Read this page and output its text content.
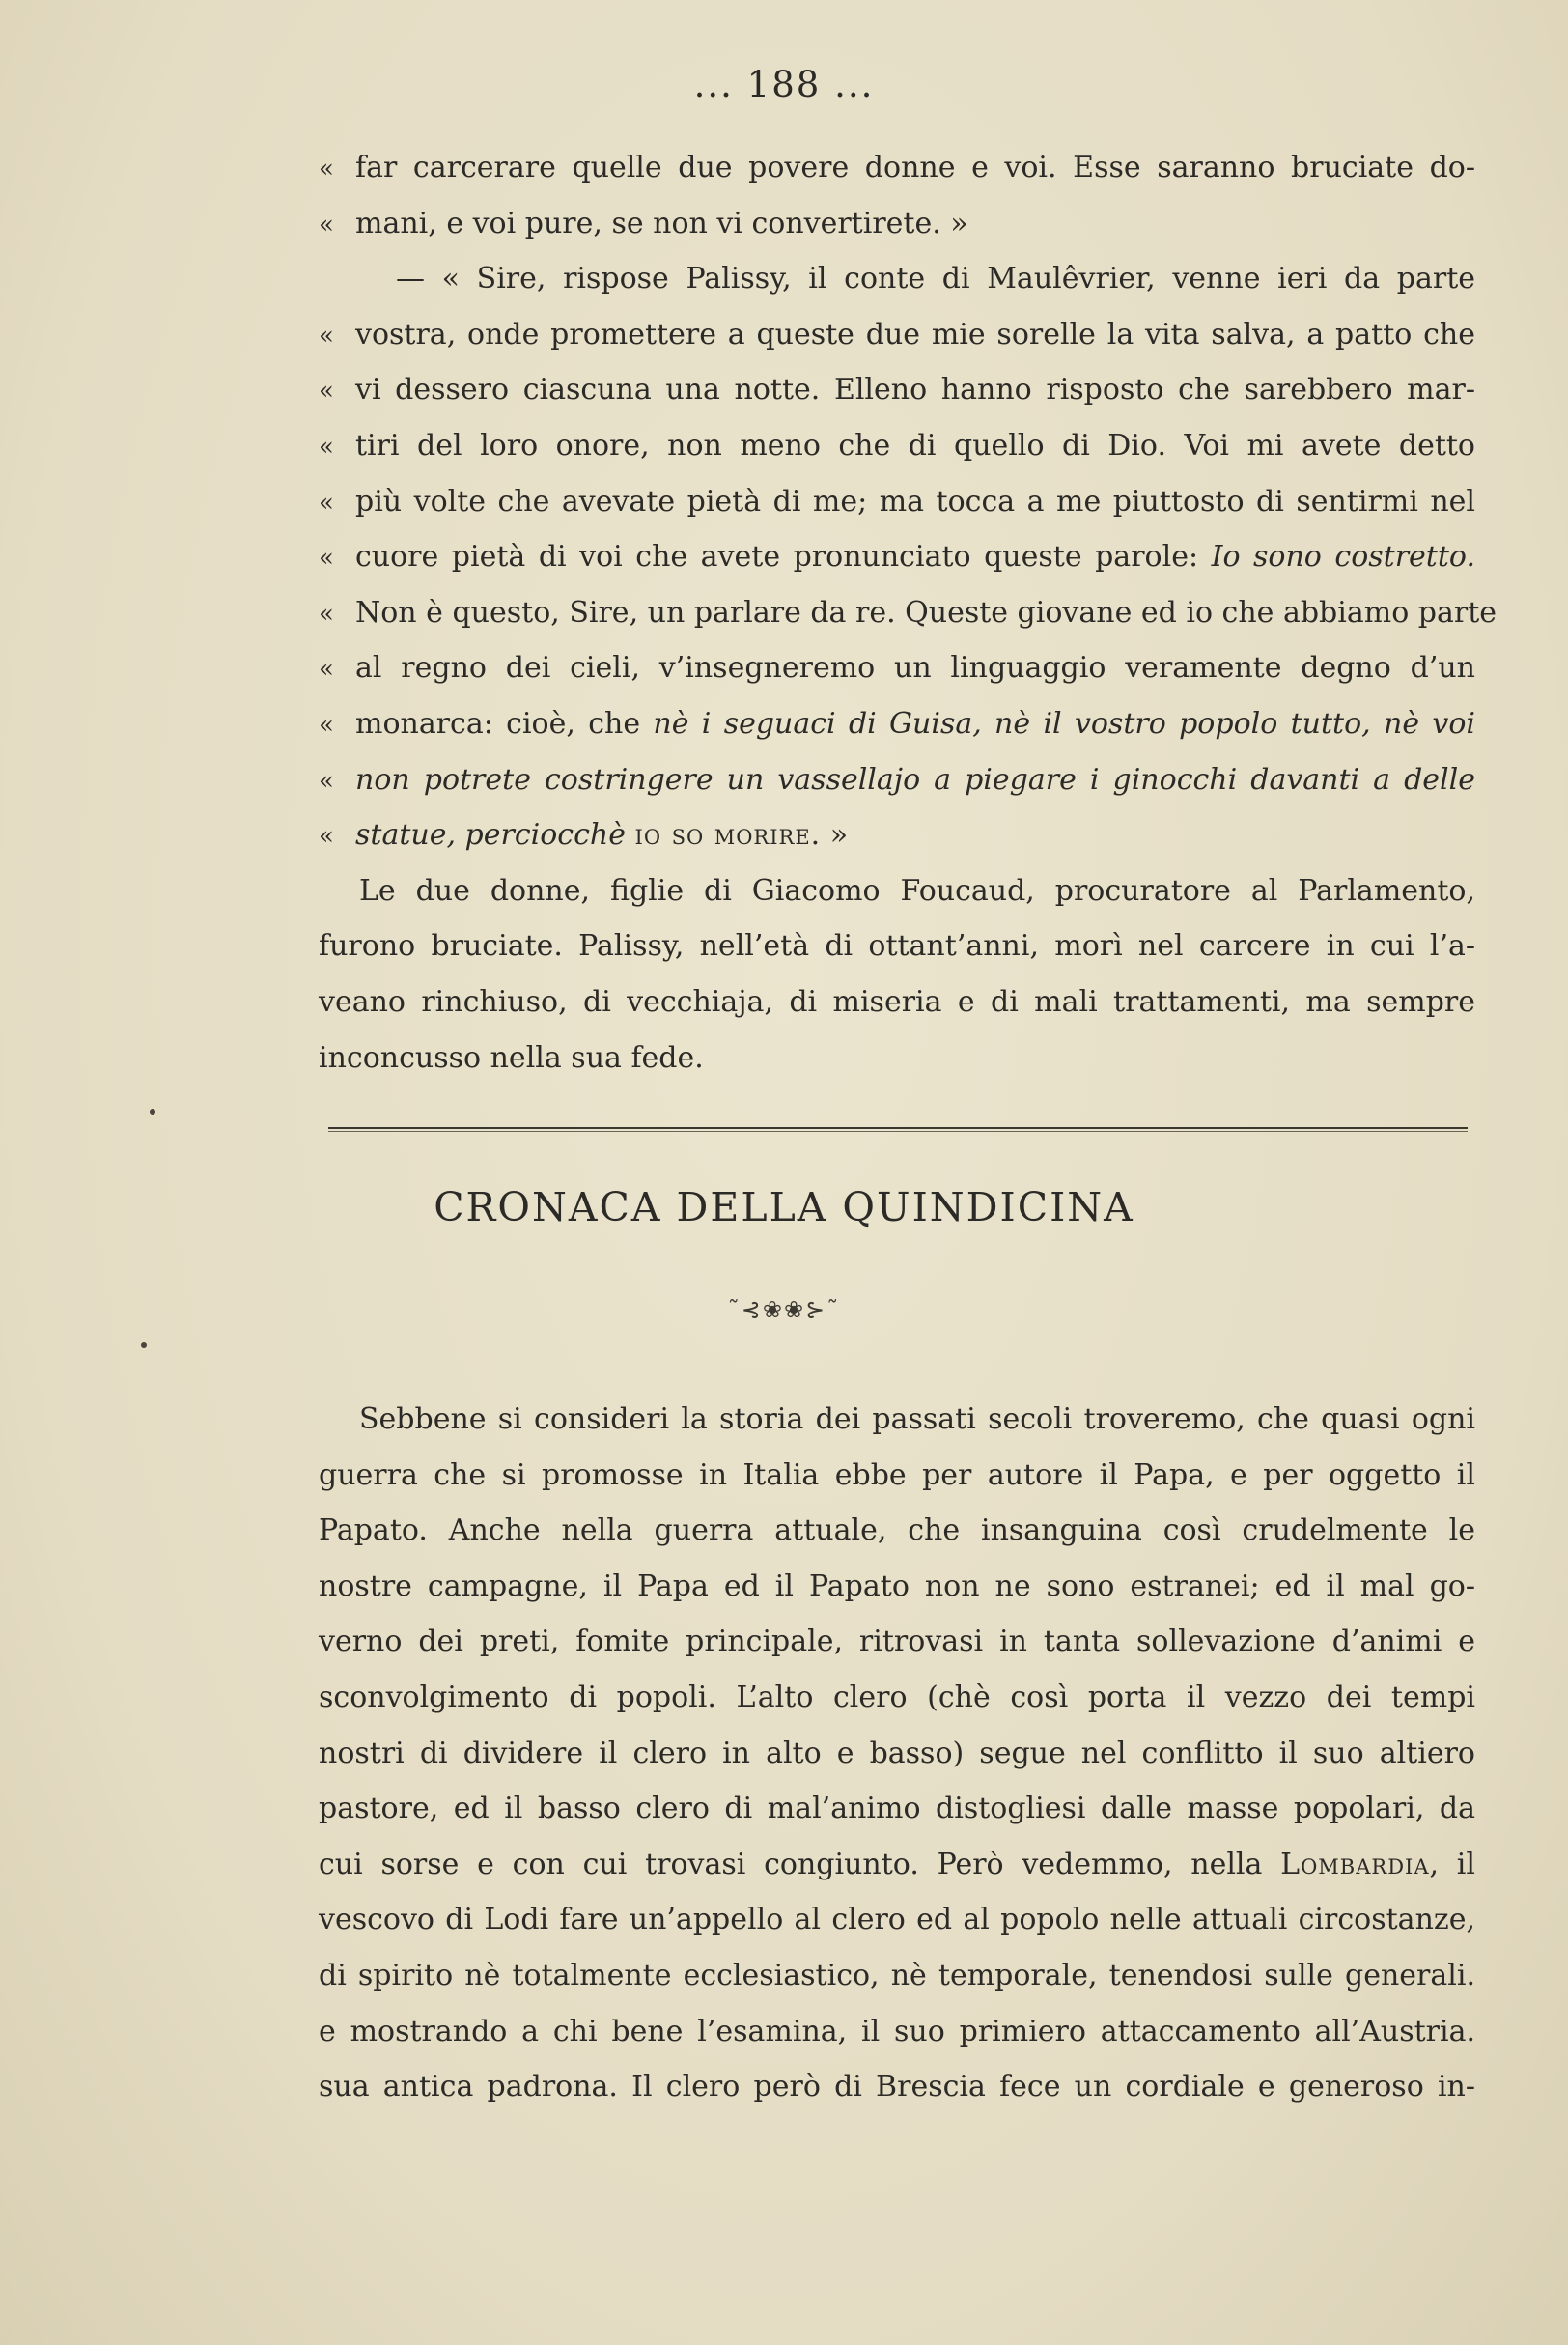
... 188 ...
« far carcerare quelle due povere donne e voi. Esse saranno bruciate do-
« mani, e voi pure, se non vi convertirete. »
— « Sire, rispose Palissy, il conte di Maulêvrier, venne ieri da parte
« vostra, onde promettere a queste due mie sorelle la vita salva, a patto che
« vi dessero ciascuna una notte. Elleno hanno risposto che sarebbero mar-
« tiri del loro onore, non meno che di quello di Dio. Voi mi avete detto
« più volte che avevate pietà di me; ma tocca a me piuttosto di sentirmi nel
« cuore pietà di voi che avete pronunciato queste parole: Io sono costretto.
« Non è questo, Sire, un parlare da re. Queste giovane ed io che abbiamo parte
« al regno dei cieli, v’insegneremo un linguaggio veramente degno d’un
« monarca: cioè, che nè i seguaci di Guisa, nè il vostro popolo tutto, nè voi
« non potrete costringere un vassellajo a piegare i ginocchi davanti a delle
« statue, perciocchè io so morire. »
Le due donne, figlie di Giacomo Foucaud, procuratore al Parlamento,
furono bruciate. Palissy, nell’età di ottant’anni, morì nel carcere in cui l’a-
veano rinchiuso, di vecchiaja, di miseria e di mali trattamenti, ma sempre
inconcusso nella sua fede.
CRONACA DELLA QUINDICINA
˜⊰❀❀⊱˜
Sebbene si consideri la storia dei passati secoli troveremo, che quasi ogni
guerra che si promosse in Italia ebbe per autore il Papa, e per oggetto il
Papato. Anche nella guerra attuale, che insanguina così crudelmente le
nostre campagne, il Papa ed il Papato non ne sono estranei; ed il mal go-
verno dei preti, fomite principale, ritrovasi in tanta sollevazione d’animi e
sconvolgimento di popoli. L’alto clero (chè così porta il vezzo dei tempi
nostri di dividere il clero in alto e basso) segue nel conflitto il suo altiero
pastore, ed il basso clero di mal’animo distogliesi dalle masse popolari, da
cui sorse e con cui trovasi congiunto. Però vedemmo, nella Lombardia, il
vescovo di Lodi fare un’appello al clero ed al popolo nelle attuali circostanze,
di spirito nè totalmente ecclesiastico, nè temporale, tenendosi sulle generali.
e mostrando a chi bene l’esamina, il suo primiero attaccamento all’Austria.
sua antica padrona. Il clero però di Brescia fece un cordiale e generoso in-
